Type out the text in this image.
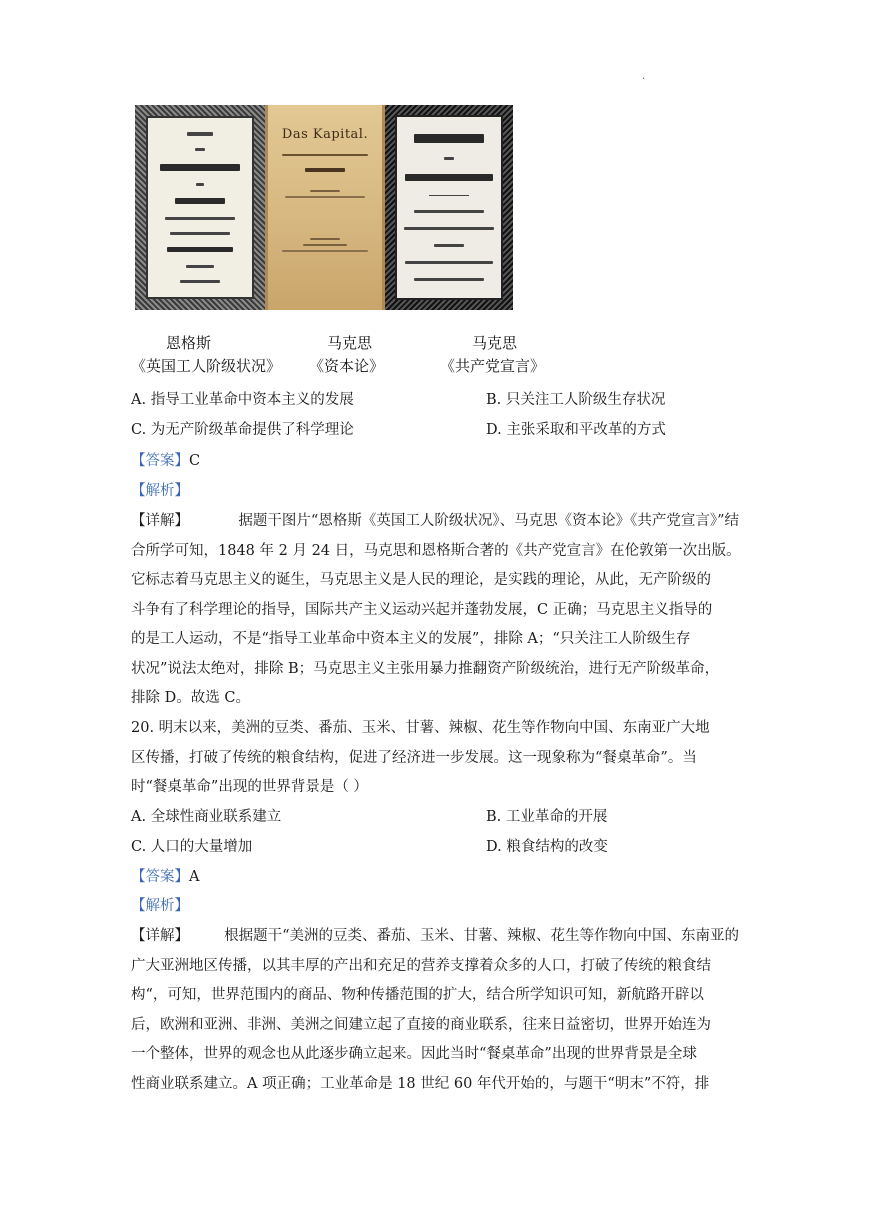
·
Das Kapital.
恩格斯
《英国工人阶级状况》
马克思
《资本论》
马克思
《共产党宣言》
A. 指导工业革命中资本主义的发展	B. 只关注工人阶级生存状况
C. 为无产阶级革命提供了科学理论	D. 主张采取和平改革的方式
【答案】C
【解析】
【详解】	据题干图片“恩格斯《英国工人阶级状况》、马克思《资本论》《共产党宣言》”结
合所学可知，1848 年 2 月 24 日，马克思和恩格斯合著的《共产党宣言》在伦敦第一次出版。
它标志着马克思主义的诞生，马克思主义是人民的理论，是实践的理论，从此，无产阶级的
斗争有了科学理论的指导，国际共产主义运动兴起并蓬勃发展，C 正确；马克思主义指导的
的是工人运动，不是“指导工业革命中资本主义的发展”，排除 A；“只关注工人阶级生存
状况”说法太绝对，排除 B；马克思主义主张用暴力推翻资产阶级统治，进行无产阶级革命，
排除 D。故选 C。
20. 明末以来，美洲的豆类、番茄、玉米、甘薯、辣椒、花生等作物向中国、东南亚广大地
区传播，打破了传统的粮食结构，促进了经济进一步发展。这一现象称为“餐桌革命”。当
时“餐桌革命”出现的世界背景是（ ）
A. 全球性商业联系建立	B. 工业革命的开展
C. 人口的大量增加	D. 粮食结构的改变
【答案】A
【解析】
【详解】 根据题干“美洲的豆类、番茄、玉米、甘薯、辣椒、花生等作物向中国、东南亚的
广大亚洲地区传播，以其丰厚的产出和充足的营养支撑着众多的人口，打破了传统的粮食结
构“，可知，世界范围内的商品、物种传播范围的扩大，结合所学知识可知，新航路开辟以
后，欧洲和亚洲、非洲、美洲之间建立起了直接的商业联系，往来日益密切，世界开始连为
一个整体，世界的观念也从此逐步确立起来。因此当时“餐桌革命”出现的世界背景是全球
性商业联系建立。A 项正确；工业革命是 18 世纪 60 年代开始的，与题干“明末”不符，排
